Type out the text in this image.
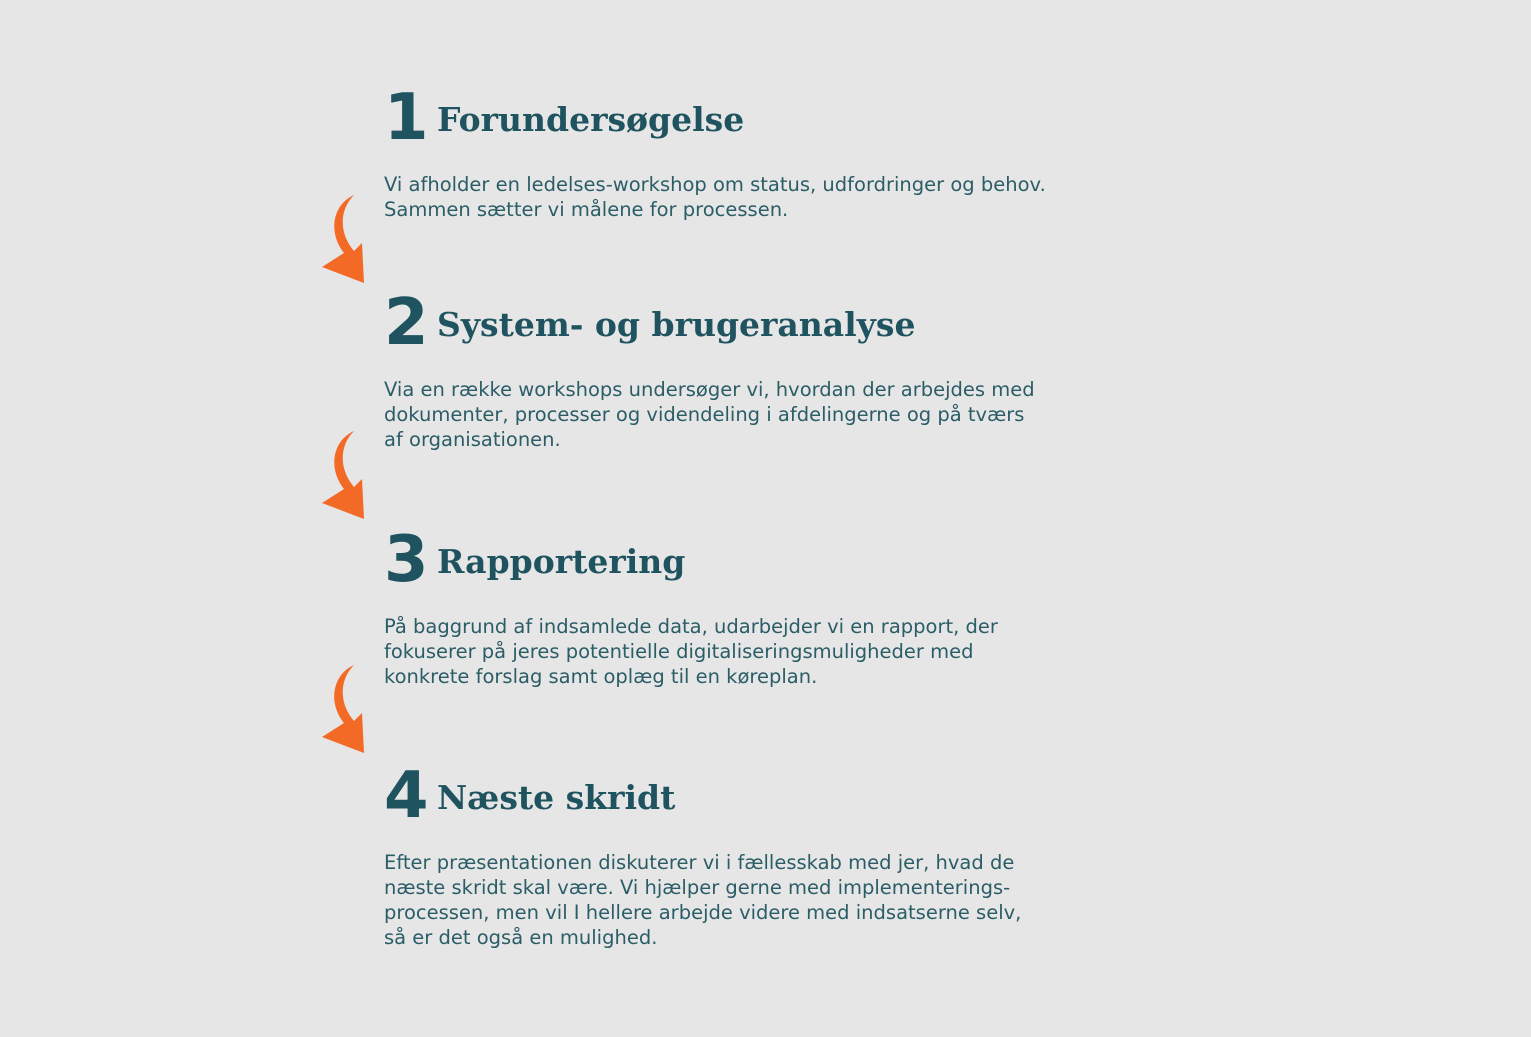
1 Forundersøgelse
Vi afholder en ledelses-workshop om status, udfordringer og behov.
Sammen sætter vi målene for processen.
2 System- og brugeranalyse
Via en række workshops undersøger vi, hvordan der arbejdes med
dokumenter, processer og videndeling i afdelingerne og på tværs
af organisationen.
3 Rapportering
På baggrund af indsamlede data, udarbejder vi en rapport, der
fokuserer på jeres potentielle digitaliseringsmuligheder med
konkrete forslag samt oplæg til en køreplan.
4 Næste skridt
Efter præsentationen diskuterer vi i fællesskab med jer, hvad de
næste skridt skal være. Vi hjælper gerne med implementerings-
processen, men vil I hellere arbejde videre med indsatserne selv,
så er det også en mulighed.
